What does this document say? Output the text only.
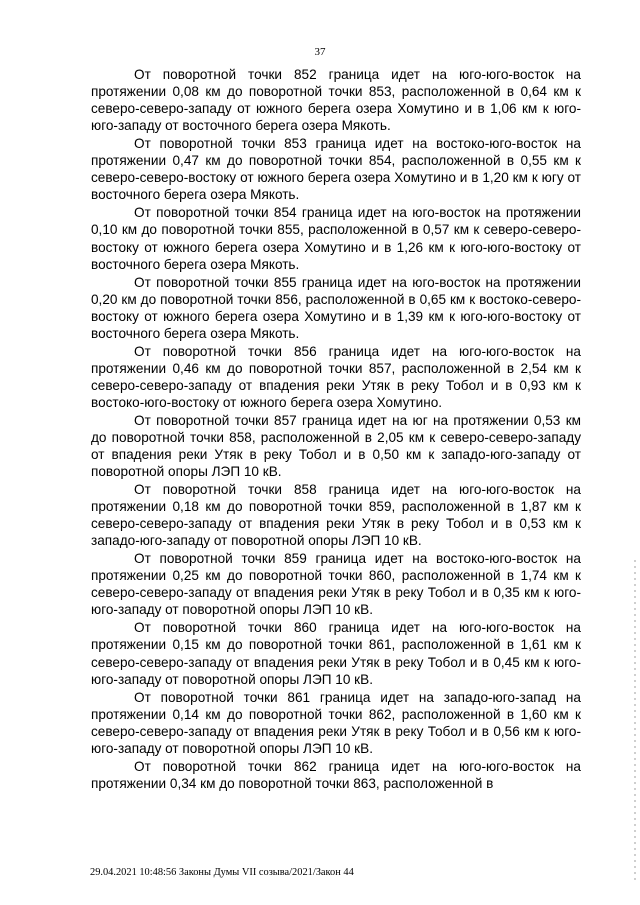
37

От поворотной точки 852 граница идет на юго-юго-восток на протяжении 0,08 км до поворотной точки 853, расположенной в 0,64 км к северо-северо-западу от южного берега озера Хомутино и в 1,06 км к юго-юго-западу от восточного берега озера Мякоть.

От поворотной точки 853 граница идет на востоко-юго-восток на протяжении 0,47 км до поворотной точки 854, расположенной в 0,55 км к северо-северо-востоку от южного берега озера Хомутино и в 1,20 км к югу от восточного берега озера Мякоть.

От поворотной точки 854 граница идет на юго-восток на протяжении 0,10 км до поворотной точки 855, расположенной в 0,57 км к северо-северо-востоку от южного берега озера Хомутино и в 1,26 км к юго-юго-востоку от восточного берега озера Мякоть.

От поворотной точки 855 граница идет на юго-восток на протяжении 0,20 км до поворотной точки 856, расположенной в 0,65 км к востоко-северо-востоку от южного берега озера Хомутино и в 1,39 км к юго-юго-востоку от восточного берега озера Мякоть.

От поворотной точки 856 граница идет на юго-юго-восток на протяжении 0,46 км до поворотной точки 857, расположенной в 2,54 км к северо-северо-западу от впадения реки Утяк в реку Тобол и в 0,93 км к востоко-юго-востоку от южного берега озера Хомутино.

От поворотной точки 857 граница идет на юг на протяжении 0,53 км до поворотной точки 858, расположенной в 2,05 км к северо-северо-западу от впадения реки Утяк в реку Тобол и в 0,50 км к западо-юго-западу от поворотной опоры ЛЭП 10 кВ.

От поворотной точки 858 граница идет на юго-юго-восток на протяжении 0,18 км до поворотной точки 859, расположенной в 1,87 км к северо-северо-западу от впадения реки Утяк в реку Тобол и в 0,53 км к западо-юго-западу от поворотной опоры ЛЭП 10 кВ.

От поворотной точки 859 граница идет на востоко-юго-восток на протяжении 0,25 км до поворотной точки 860, расположенной в 1,74 км к северо-северо-западу от впадения реки Утяк в реку Тобол и в 0,35 км к юго-юго-западу от поворотной опоры ЛЭП 10 кВ.

От поворотной точки 860 граница идет на юго-юго-восток на протяжении 0,15 км до поворотной точки 861, расположенной в 1,61 км к северо-северо-западу от впадения реки Утяк в реку Тобол и в 0,45 км к юго-юго-западу от поворотной опоры ЛЭП 10 кВ.

От поворотной точки 861 граница идет на западо-юго-запад на протяжении 0,14 км до поворотной точки 862, расположенной в 1,60 км к северо-северо-западу от впадения реки Утяк в реку Тобол и в 0,56 км к юго-юго-западу от поворотной опоры ЛЭП 10 кВ.

От поворотной точки 862 граница идет на юго-юго-восток на протяжении 0,34 км до поворотной точки 863, расположенной в

29.04.2021 10:48:56 Законы Думы VII созыва/2021/Закон 44
